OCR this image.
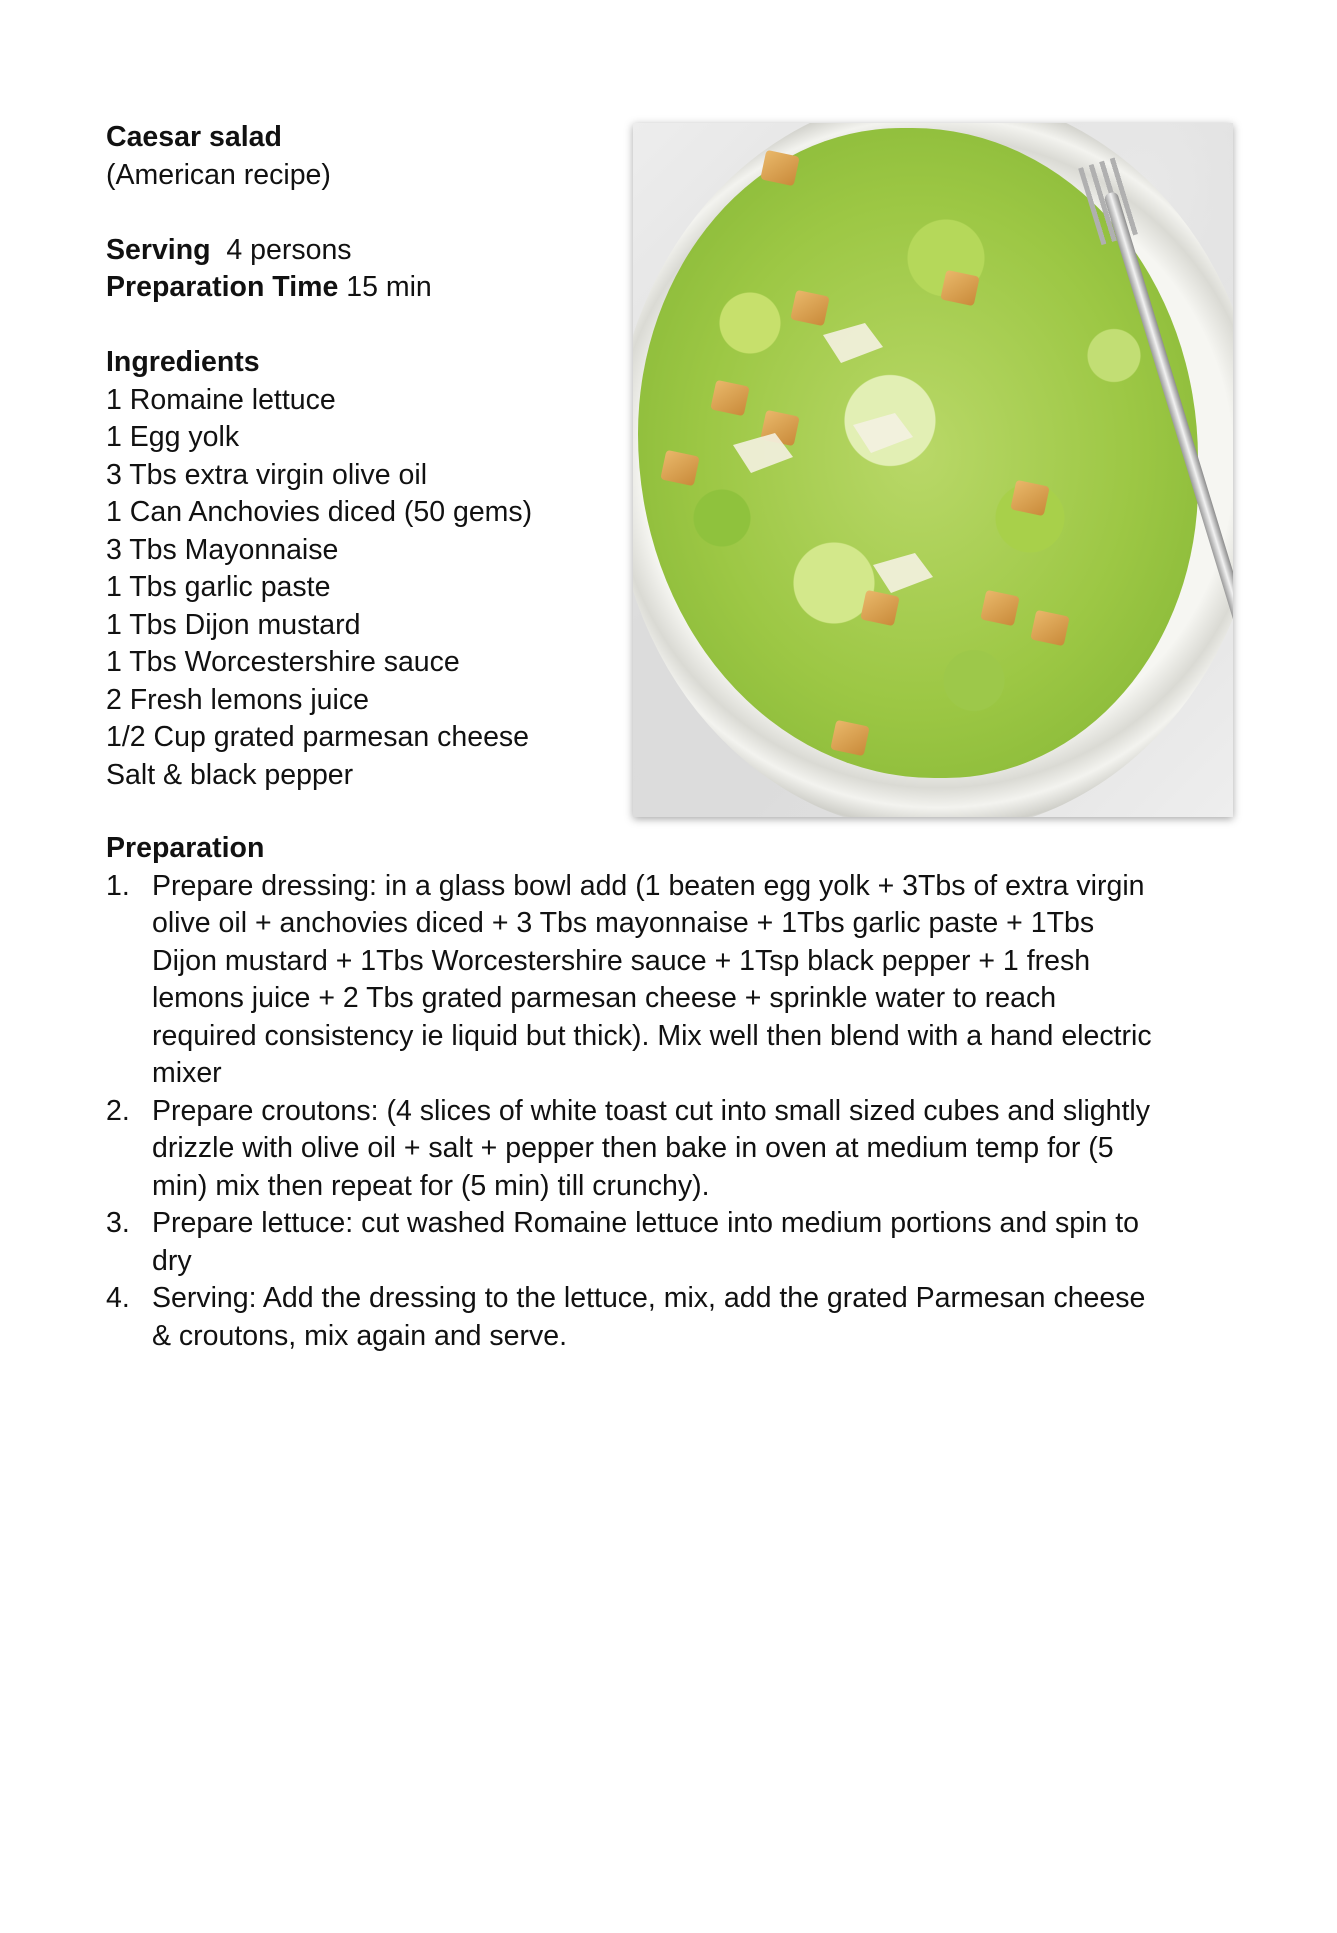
Caesar salad
(American recipe)
Serving 4 persons
Preparation Time 15 min
Ingredients
1 Romaine lettuce
1 Egg yolk
3 Tbs extra virgin olive oil
1 Can Anchovies diced (50 gems)
3 Tbs Mayonnaise
1 Tbs garlic paste
1 Tbs Dijon mustard
1 Tbs Worcestershire sauce
2 Fresh lemons juice
1/2 Cup grated parmesan cheese
Salt & black pepper
Preparation
1. Prepare dressing: in a glass bowl add (1 beaten egg yolk + 3Tbs of extra virgin
olive oil + anchovies diced + 3 Tbs mayonnaise + 1Tbs garlic paste + 1Tbs
Dijon mustard + 1Tbs Worcestershire sauce + 1Tsp black pepper + 1 fresh
lemons juice + 2 Tbs grated parmesan cheese + sprinkle water to reach
required consistency ie liquid but thick). Mix well then blend with a hand electric
mixer
2. Prepare croutons: (4 slices of white toast cut into small sized cubes and slightly
drizzle with olive oil + salt + pepper then bake in oven at medium temp for (5
min) mix then repeat for (5 min) till crunchy).
3. Prepare lettuce: cut washed Romaine lettuce into medium portions and spin to
dry
4. Serving: Add the dressing to the lettuce, mix, add the grated Parmesan cheese
& croutons, mix again and serve.
